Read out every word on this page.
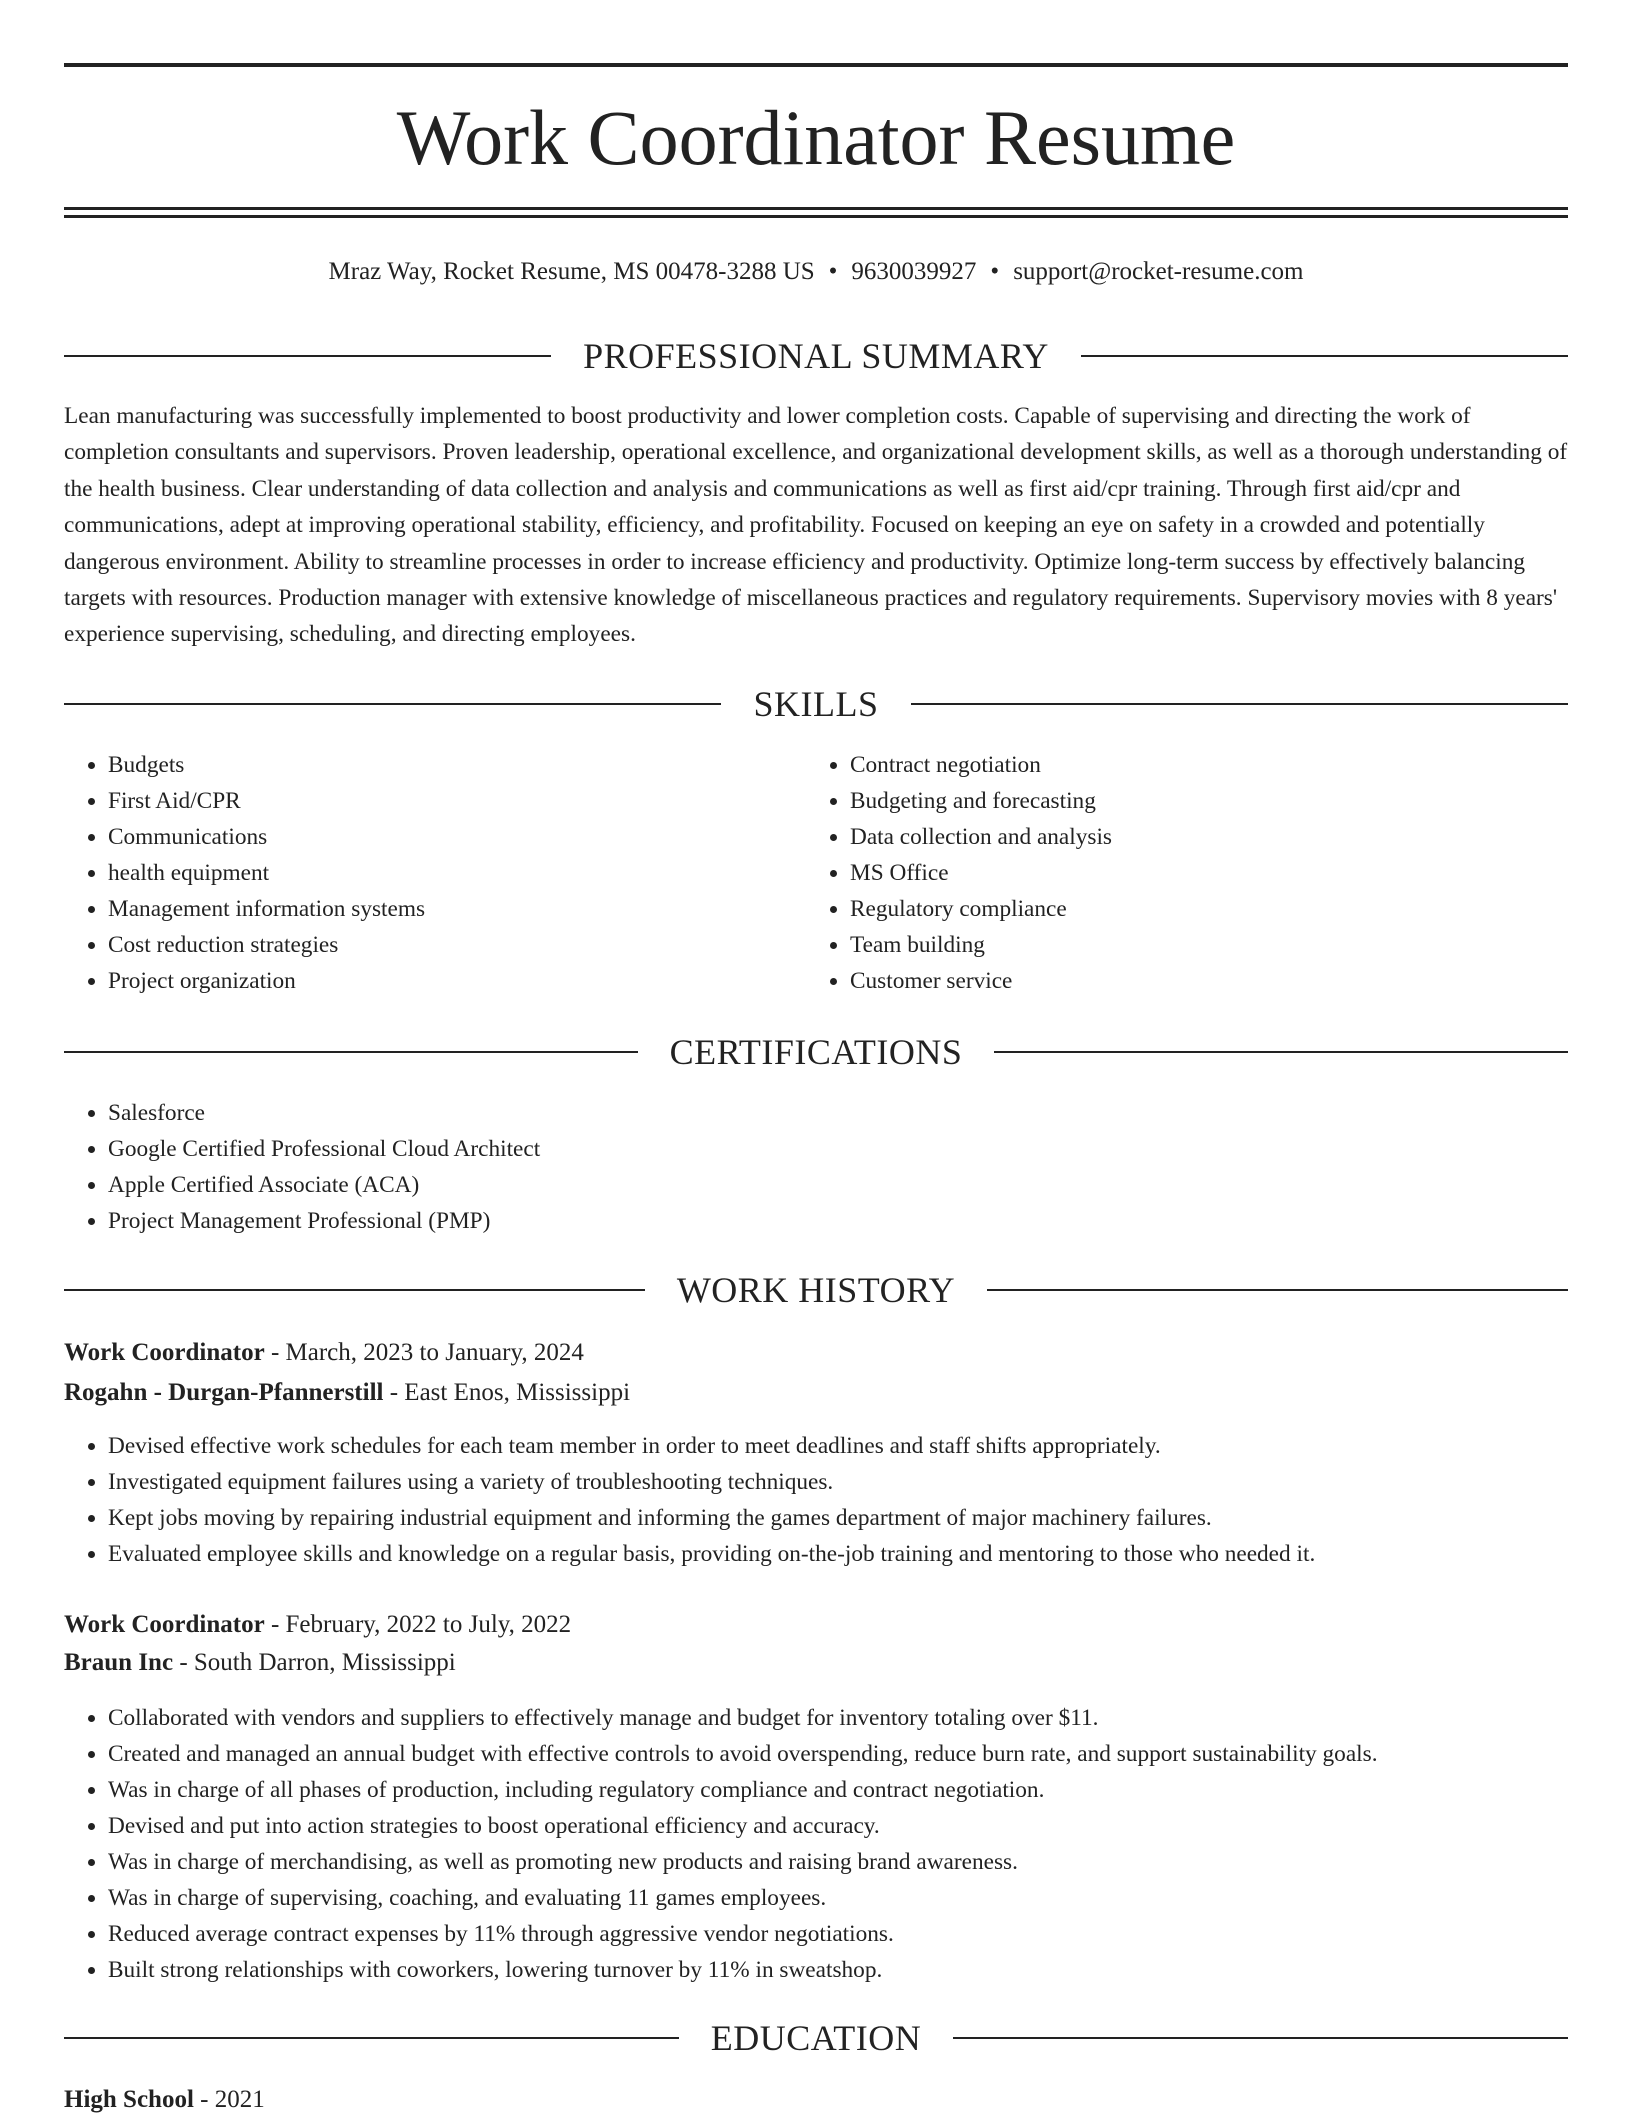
Work Coordinator Resume
Mraz Way, Rocket Resume, MS 00478-3288 US • 9630039927 • support@rocket-resume.com
PROFESSIONAL SUMMARY

Lean manufacturing was successfully implemented to boost productivity and lower completion costs. Capable of supervising and directing the work of completion consultants and supervisors. Proven leadership, operational excellence, and organizational development skills, as well as a thorough understanding of the health business. Clear understanding of data collection and analysis and communications as well as first aid/cpr training. Through first aid/cpr and communications, adept at improving operational stability, efficiency, and profitability. Focused on keeping an eye on safety in a crowded and potentially dangerous environment. Ability to streamline processes in order to increase efficiency and productivity. Optimize long-term success by effectively balancing targets with resources. Production manager with extensive knowledge of miscellaneous practices and regulatory requirements. Supervisory movies with 8 years' experience supervising, scheduling, and directing employees.

SKILLS
• Budgets
• First Aid/CPR
• Communications
• health equipment
• Management information systems
• Cost reduction strategies
• Project organization
• Contract negotiation
• Budgeting and forecasting
• Data collection and analysis
• MS Office
• Regulatory compliance
• Team building
• Customer service
CERTIFICATIONS
• Salesforce
• Google Certified Professional Cloud Architect
• Apple Certified Associate (ACA)
• Project Management Professional (PMP)
WORK HISTORY
Work Coordinator - March, 2023 to January, 2024
Rogahn - Durgan-Pfannerstill - East Enos, Mississippi
• Devised effective work schedules for each team member in order to meet deadlines and staff shifts appropriately.
• Investigated equipment failures using a variety of troubleshooting techniques.
• Kept jobs moving by repairing industrial equipment and informing the games department of major machinery failures.
• Evaluated employee skills and knowledge on a regular basis, providing on-the-job training and mentoring to those who needed it.
Work Coordinator - February, 2022 to July, 2022
Braun Inc - South Darron, Mississippi
• Collaborated with vendors and suppliers to effectively manage and budget for inventory totaling over $11.
• Created and managed an annual budget with effective controls to avoid overspending, reduce burn rate, and support sustainability goals.
• Was in charge of all phases of production, including regulatory compliance and contract negotiation.
• Devised and put into action strategies to boost operational efficiency and accuracy.
• Was in charge of merchandising, as well as promoting new products and raising brand awareness.
• Was in charge of supervising, coaching, and evaluating 11 games employees.
• Reduced average contract expenses by 11% through aggressive vendor negotiations.
• Built strong relationships with coworkers, lowering turnover by 11% in sweatshop.
EDUCATION
High School - 2021
